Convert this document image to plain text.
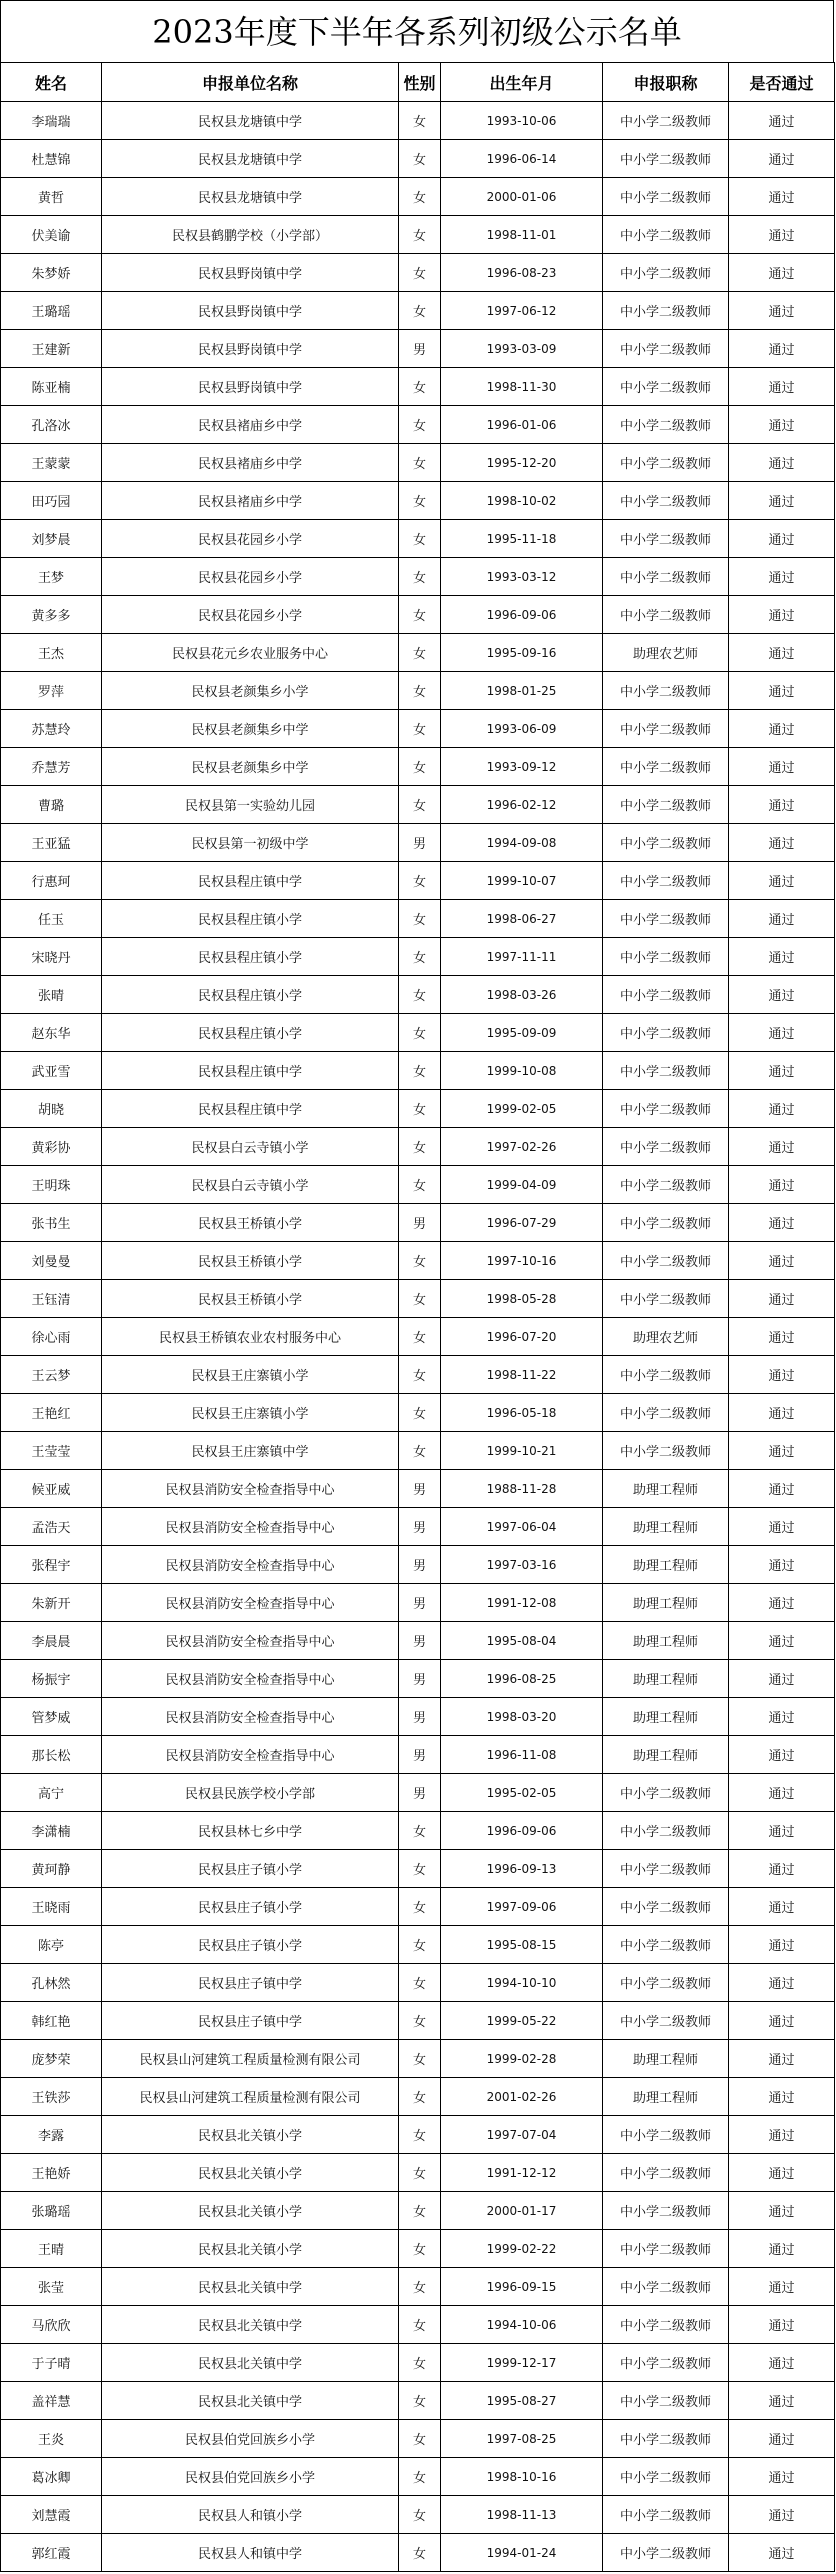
2023年度下半年各系列初级公示名单
姓名	申报单位名称	性别	出生年月	申报职称	是否通过
李瑞瑞	民权县龙塘镇中学	女	1993-10-06	中小学二级教师	通过
杜慧锦	民权县龙塘镇中学	女	1996-06-14	中小学二级教师	通过
黄哲	民权县龙塘镇中学	女	2000-01-06	中小学二级教师	通过
伏美谕	民权县鹤鹏学校（小学部）	女	1998-11-01	中小学二级教师	通过
朱梦娇	民权县野岗镇中学	女	1996-08-23	中小学二级教师	通过
王璐瑶	民权县野岗镇中学	女	1997-06-12	中小学二级教师	通过
王建新	民权县野岗镇中学	男	1993-03-09	中小学二级教师	通过
陈亚楠	民权县野岗镇中学	女	1998-11-30	中小学二级教师	通过
孔洛冰	民权县褚庙乡中学	女	1996-01-06	中小学二级教师	通过
王蒙蒙	民权县褚庙乡中学	女	1995-12-20	中小学二级教师	通过
田巧园	民权县褚庙乡中学	女	1998-10-02	中小学二级教师	通过
刘梦晨	民权县花园乡小学	女	1995-11-18	中小学二级教师	通过
王梦	民权县花园乡小学	女	1993-03-12	中小学二级教师	通过
黄多多	民权县花园乡小学	女	1996-09-06	中小学二级教师	通过
王杰	民权县花元乡农业服务中心	女	1995-09-16	助理农艺师	通过
罗萍	民权县老颜集乡小学	女	1998-01-25	中小学二级教师	通过
苏慧玲	民权县老颜集乡中学	女	1993-06-09	中小学二级教师	通过
乔慧芳	民权县老颜集乡中学	女	1993-09-12	中小学二级教师	通过
曹璐	民权县第一实验幼儿园	女	1996-02-12	中小学二级教师	通过
王亚猛	民权县第一初级中学	男	1994-09-08	中小学二级教师	通过
行惠珂	民权县程庄镇中学	女	1999-10-07	中小学二级教师	通过
任玉	民权县程庄镇小学	女	1998-06-27	中小学二级教师	通过
宋晓丹	民权县程庄镇小学	女	1997-11-11	中小学二级教师	通过
张晴	民权县程庄镇小学	女	1998-03-26	中小学二级教师	通过
赵东华	民权县程庄镇小学	女	1995-09-09	中小学二级教师	通过
武亚雪	民权县程庄镇中学	女	1999-10-08	中小学二级教师	通过
胡晓	民权县程庄镇中学	女	1999-02-05	中小学二级教师	通过
黄彩协	民权县白云寺镇小学	女	1997-02-26	中小学二级教师	通过
王明珠	民权县白云寺镇小学	女	1999-04-09	中小学二级教师	通过
张书生	民权县王桥镇小学	男	1996-07-29	中小学二级教师	通过
刘曼曼	民权县王桥镇小学	女	1997-10-16	中小学二级教师	通过
王钰清	民权县王桥镇小学	女	1998-05-28	中小学二级教师	通过
徐心雨	民权县王桥镇农业农村服务中心	女	1996-07-20	助理农艺师	通过
王云梦	民权县王庄寨镇小学	女	1998-11-22	中小学二级教师	通过
王艳红	民权县王庄寨镇小学	女	1996-05-18	中小学二级教师	通过
王莹莹	民权县王庄寨镇中学	女	1999-10-21	中小学二级教师	通过
候亚威	民权县消防安全检查指导中心	男	1988-11-28	助理工程师	通过
孟浩天	民权县消防安全检查指导中心	男	1997-06-04	助理工程师	通过
张程宇	民权县消防安全检查指导中心	男	1997-03-16	助理工程师	通过
朱新开	民权县消防安全检查指导中心	男	1991-12-08	助理工程师	通过
李晨晨	民权县消防安全检查指导中心	男	1995-08-04	助理工程师	通过
杨振宇	民权县消防安全检查指导中心	男	1996-08-25	助理工程师	通过
管梦威	民权县消防安全检查指导中心	男	1998-03-20	助理工程师	通过
那长松	民权县消防安全检查指导中心	男	1996-11-08	助理工程师	通过
高宁	民权县民族学校小学部	男	1995-02-05	中小学二级教师	通过
李潇楠	民权县林七乡中学	女	1996-09-06	中小学二级教师	通过
黄珂静	民权县庄子镇小学	女	1996-09-13	中小学二级教师	通过
王晓雨	民权县庄子镇小学	女	1997-09-06	中小学二级教师	通过
陈亭	民权县庄子镇小学	女	1995-08-15	中小学二级教师	通过
孔林然	民权县庄子镇中学	女	1994-10-10	中小学二级教师	通过
韩红艳	民权县庄子镇中学	女	1999-05-22	中小学二级教师	通过
庞梦荣	民权县山河建筑工程质量检测有限公司	女	1999-02-28	助理工程师	通过
王铁莎	民权县山河建筑工程质量检测有限公司	女	2001-02-26	助理工程师	通过
李露	民权县北关镇小学	女	1997-07-04	中小学二级教师	通过
王艳娇	民权县北关镇小学	女	1991-12-12	中小学二级教师	通过
张璐瑶	民权县北关镇小学	女	2000-01-17	中小学二级教师	通过
王晴	民权县北关镇小学	女	1999-02-22	中小学二级教师	通过
张莹	民权县北关镇中学	女	1996-09-15	中小学二级教师	通过
马欣欣	民权县北关镇中学	女	1994-10-06	中小学二级教师	通过
于子晴	民权县北关镇中学	女	1999-12-17	中小学二级教师	通过
盖祥慧	民权县北关镇中学	女	1995-08-27	中小学二级教师	通过
王炎	民权县伯党回族乡小学	女	1997-08-25	中小学二级教师	通过
葛冰卿	民权县伯党回族乡小学	女	1998-10-16	中小学二级教师	通过
刘慧霞	民权县人和镇小学	女	1998-11-13	中小学二级教师	通过
郭红霞	民权县人和镇中学	女	1994-01-24	中小学二级教师	通过
